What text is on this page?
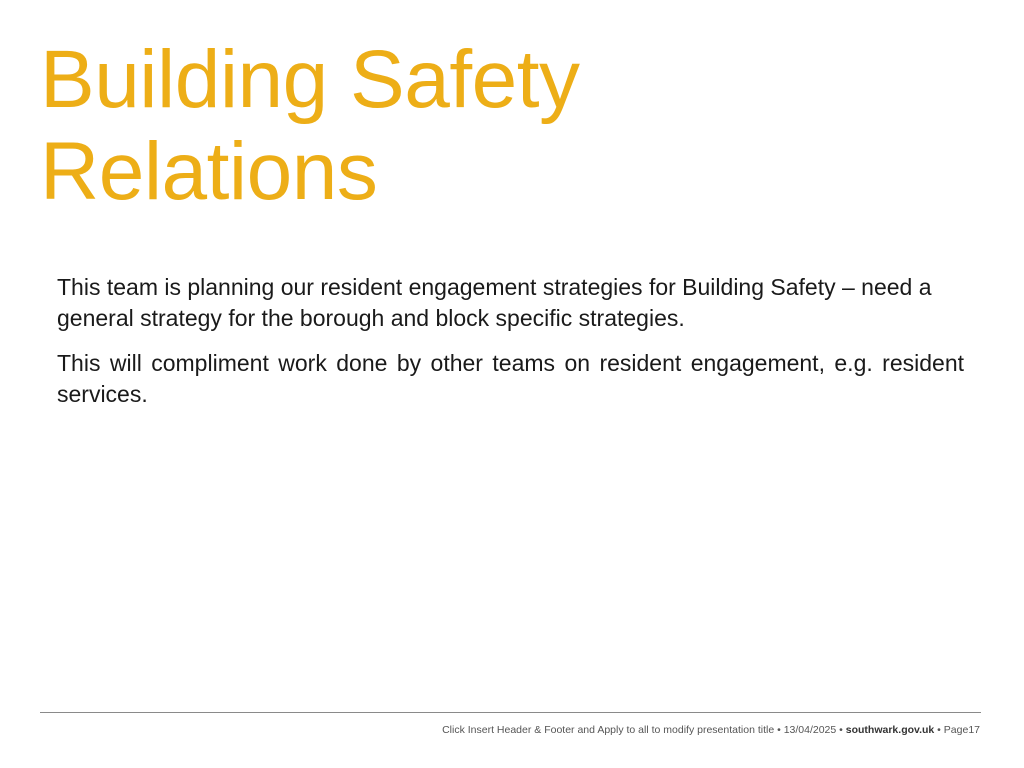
Building Safety
Relations

This team is planning our resident engagement strategies for Building Safety – need a general strategy for the borough and block specific strategies.

This will compliment work done by other teams on resident engagement, e.g. resident services.

Click Insert Header & Footer and Apply to all to modify presentation title • 13/04/2025 • southwark.gov.uk • Page17
